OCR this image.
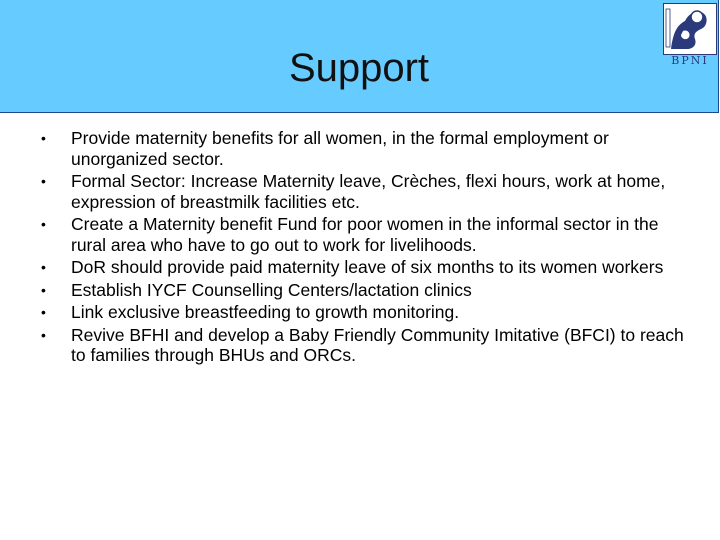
Support	BPNI
• Provide maternity benefits for all women, in the formal employment or unorganized sector.
• Formal Sector: Increase Maternity leave, Crèches, flexi hours, work at home, expression of breastmilk facilities etc.
• Create a Maternity benefit Fund for poor women in the informal sector in the rural area who have to go out to work for livelihoods.
• DoR should provide paid maternity leave of six months to its women workers
• Establish IYCF Counselling Centers/lactation clinics
• Link exclusive breastfeeding to growth monitoring.
• Revive BFHI and develop a Baby Friendly Community Imitative (BFCI) to reach to families through BHUs and ORCs.
